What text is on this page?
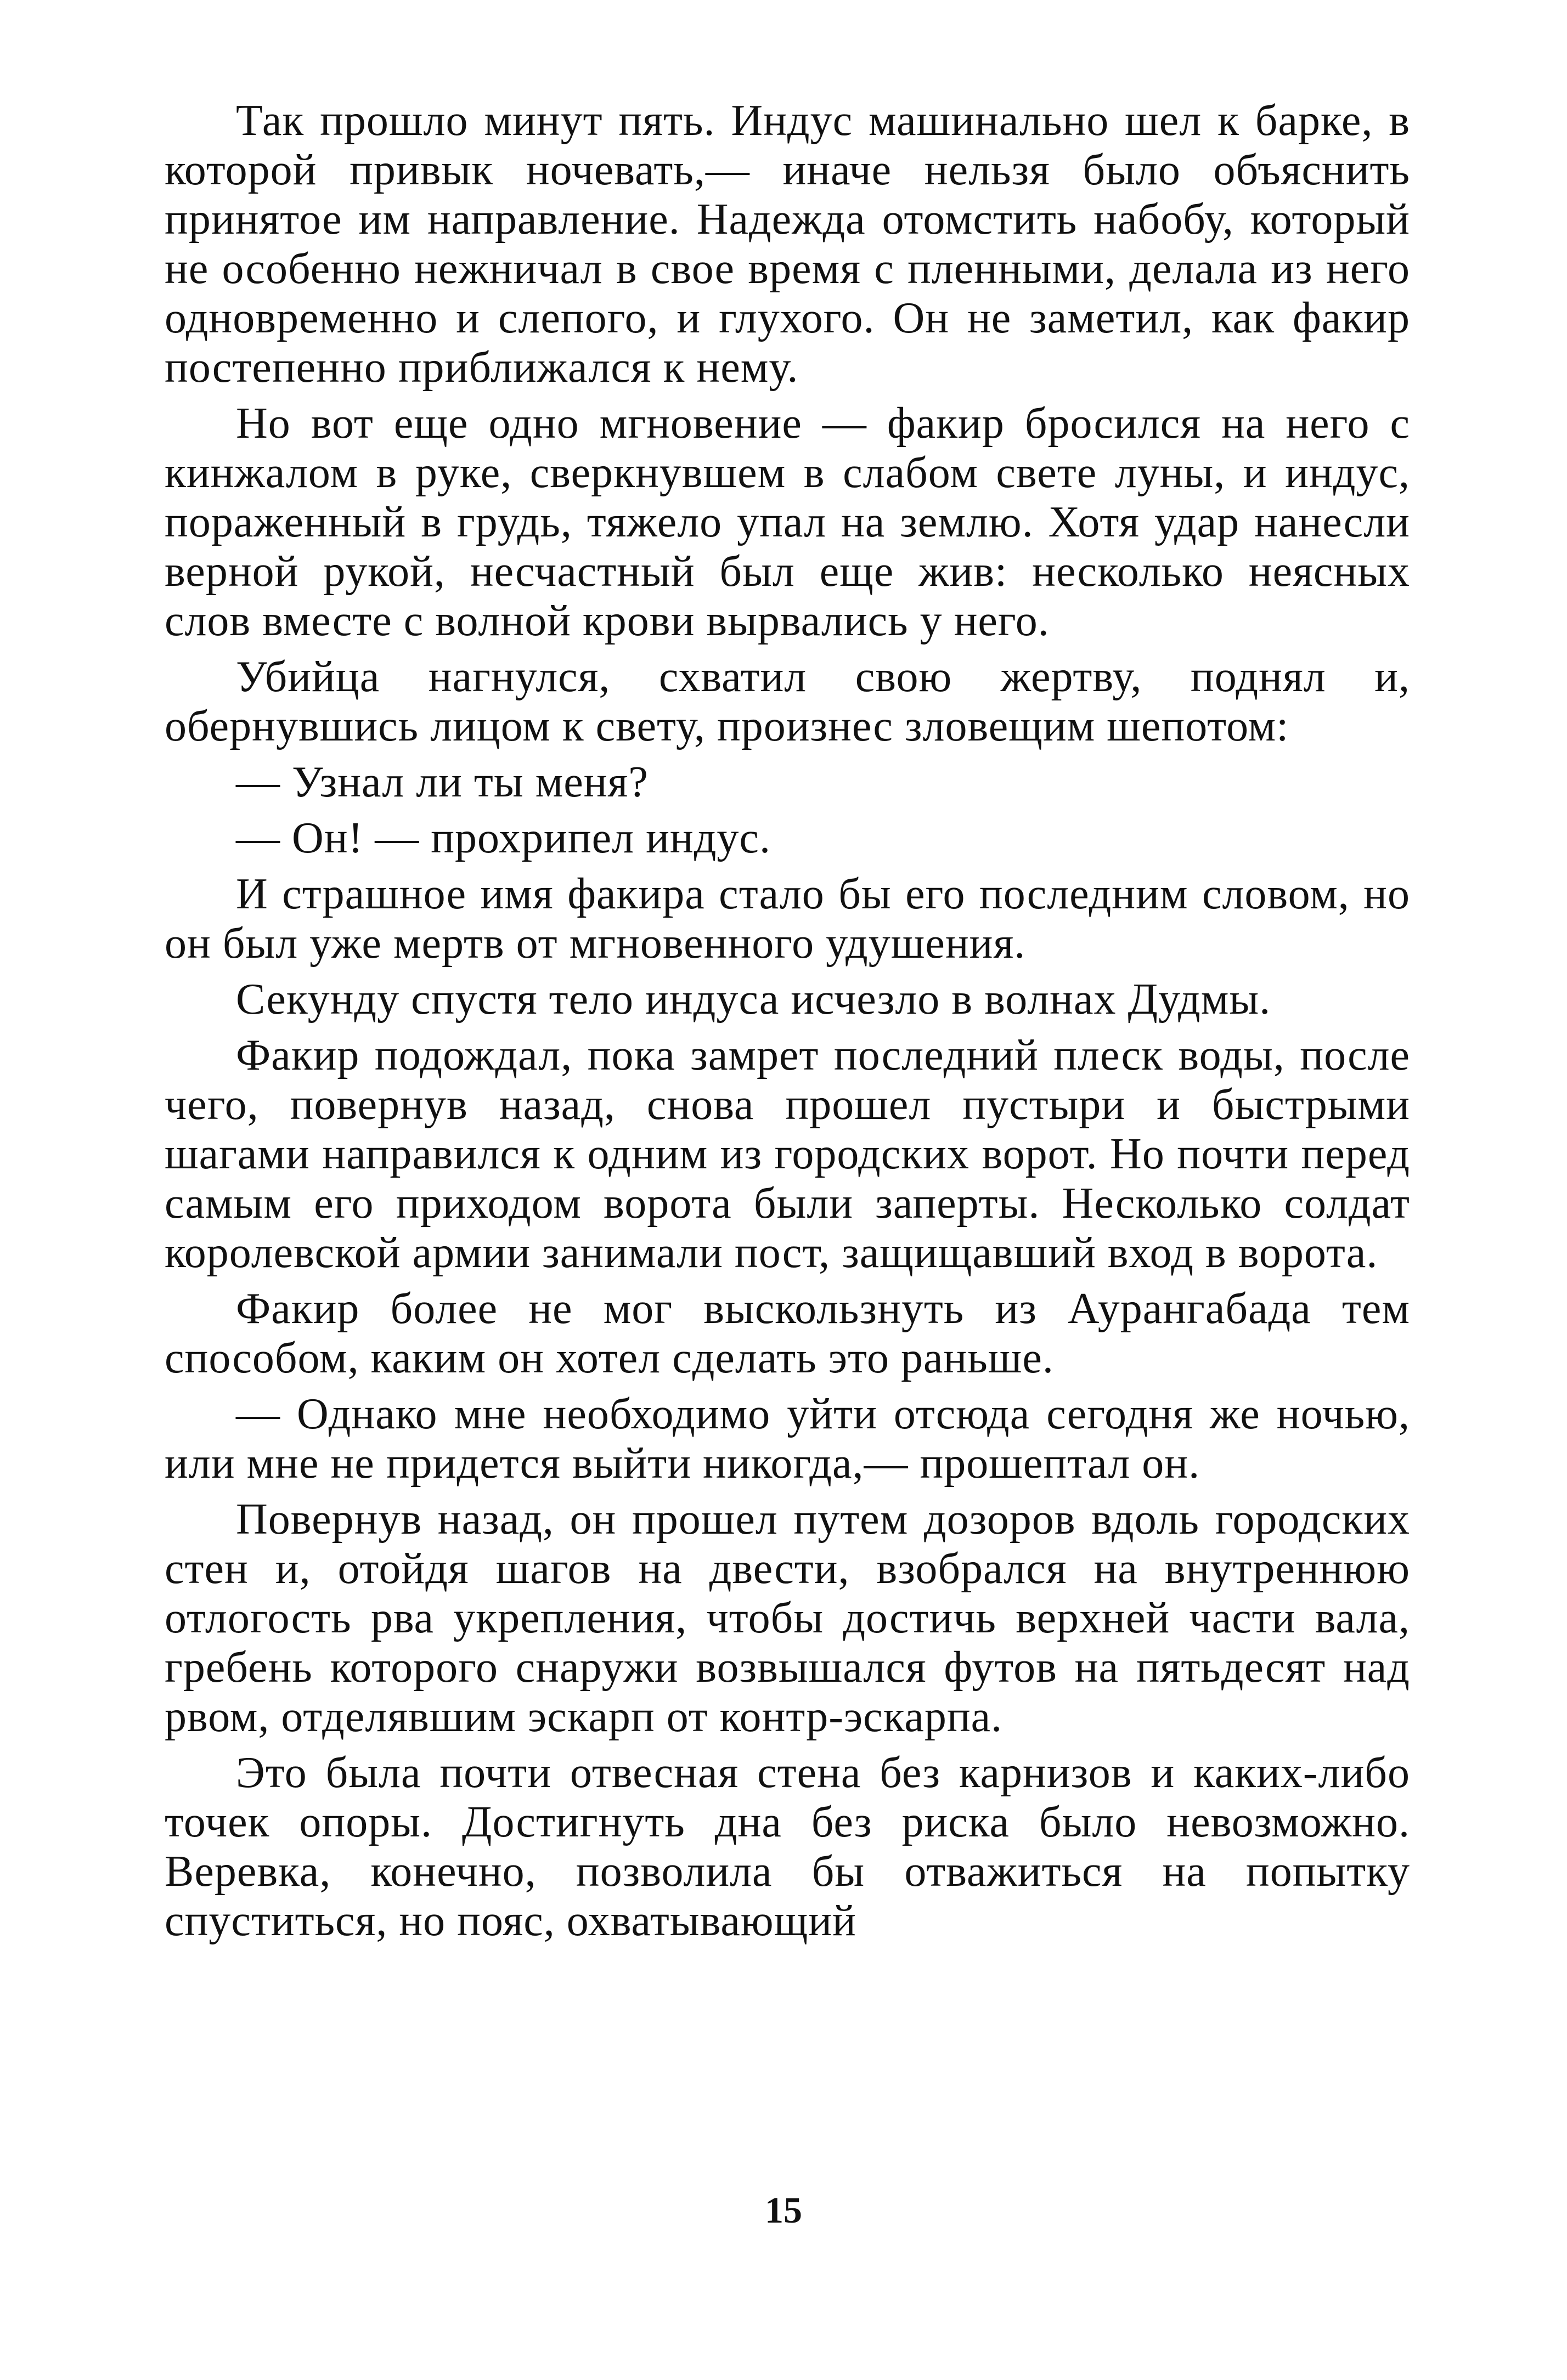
Так прошло минут пять. Индус машинально шел к барке, в которой привык ночевать,— иначе нельзя было объяснить принятое им направление. Надежда отомстить набобу, который не особенно нежничал в свое время с пленными, делала из него одновременно и слепого, и глухого. Он не заметил, как факир постепенно приближался к нему.

Но вот еще одно мгновение — факир бросился на него с кинжалом в руке, сверкнувшем в слабом свете луны, и индус, пораженный в грудь, тяжело упал на землю. Хотя удар нанесли верной рукой, несчастный был еще жив: несколько неясных слов вместе с волной крови вырвались у него.

Убийца нагнулся, схватил свою жертву, поднял и, обернувшись лицом к свету, произнес зловещим шепотом:

— Узнал ли ты меня?

— Он! — прохрипел индус.

И страшное имя факира стало бы его последним словом, но он был уже мертв от мгновенного удушения.

Секунду спустя тело индуса исчезло в волнах Дудмы.

Факир подождал, пока замрет последний плеск воды, после чего, повернув назад, снова прошел пустыри и быстрыми шагами направился к одним из городских ворот. Но почти перед самым его приходом ворота были заперты. Несколько солдат королевской армии занимали пост, защищавший вход в ворота.

Факир более не мог выскользнуть из Аурангабада тем способом, каким он хотел сделать это раньше.

— Однако мне необходимо уйти отсюда сегодня же ночью, или мне не придется выйти никогда,— прошептал он.

Повернув назад, он прошел путем дозоров вдоль городских стен и, отойдя шагов на двести, взобрался на внутреннюю отлогость рва укрепления, чтобы достичь верхней части вала, гребень которого снаружи возвышался футов на пятьдесят над рвом, отделявшим эскарп от контр-эскарпа.

Это была почти отвесная стена без карнизов и каких-либо точек опоры. Достигнуть дна без риска было невозможно. Веревка, конечно, позволила бы отважиться на попытку спуститься, но пояс, охватывающий

15
